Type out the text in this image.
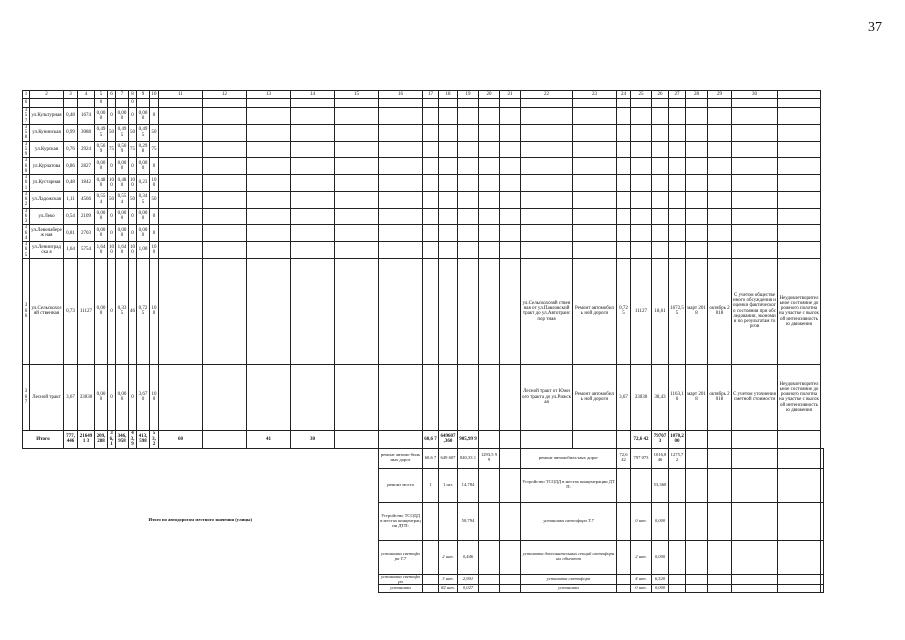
37
1	2	3	4	5	6	7	8	9	10	11	12	13	14	15	16	17	18	19	20	21	22	23	24	25	26	27	28	29	30		
6				0			0																								
35 7	ул.Культурная	0,48	1674	0,00 0	0	0,00 0	0	0,00 0	0																						
35 8	ул.Кунинская	0,99	3088	0,49 5	50	0,49 5	50	0,49 5	50																						
35 9	ул.Курская	0,76	2924	0,56 9	75	0,56 9	75	0,29 8	75																						
36 0	ул.Курчатова	0,86	2827	0,00 0	0	0,00 0	0	0,00 0	0																						
36 1	ул.Кустарная	0,48	1842	0,48 0	100	0,48 0	100	0,23	100																						
36 2	ул.Ладожская	1,11	4566	0,55 4	50	0,55 4	50	0,34 5	50																						
36 3	ул.Леко	0,54	2109	0,00 0	0	0,00 0	0	0,00 0	0																						
36 4	ул.Левонабереж ная	0,81	2703	0,00 0	0	0,00 0	0	0,00 0	0																						
36 5	ул.Ленинградска я	1,64	5754	1,64 0	100	1,64 0	100	1,00	100																						
36 6	ул.Сельскохозяй ственная	0,73	11127	0,00 0	0	0,33 5	46	0,72 5	100												ул.Сельскохозяй ственная от ул.Павловский тракт до ул.Автотранспор тная	Ремонт автомобиль ной дороги	0,72 5	11127	18,61	1672,5 5	март 2018	октябрь 2018	С учетом общественного обсуждения и оценки фактического состояния при обследовании, экономии по результатам торгов	Неудовлетворительное состояние дорожного полотна на участке с высокой интенсивностью движения	
36 7	Лесной тракт	3,67	33030	0,00 0	0	0,00 0	0	3,67 0	100												Лесной тракт от Южного тракта до ул.Рижская	Ремонт автомобиль ной дороги	3,67	33030	38,43	1163,1 6	март 2018	октябрь 2018	С учетом уточнения сметной стоимости	Неудовлетворительное состояние дорожного полотна на участке с высокой интенсивностью движения	
Итого		777, 446	216491 3	209, 288	36, 1	346, 958	43, 9	413, 598	53, 2	60		41	30			60,6 7	649607 ,360	905,99 9						72,6 42	797073	1070,2 00					
Итого по автодорогам местного значения (улицы)															ремонт автомо-бильных дорог	60,6 7	649 607	840,33 1	1293,5 99		ремонт автомобиль-ных дорог		72,6 42	797 073	1016,8 46	1275,7 2					
															ремонт моста	1	1 шт.	14,784			Устройство ТСОДД в местах концентрации ДТП:				53,360						
															Устройство ТСОДД в местах концентрации ДТП:			50,794			установка светофора Т.7			0 шт.	0,000						
															установка светофора Т.7		2 шт.	0,446			установка дополнительных секций светофорных объектов			2 шт.	0,000						
															установка светофора		3 шт.	2,901			установка светофора			4 шт.	6,520						
															установка		82 шт.	0,027			установка			0 шт.	0,000						
